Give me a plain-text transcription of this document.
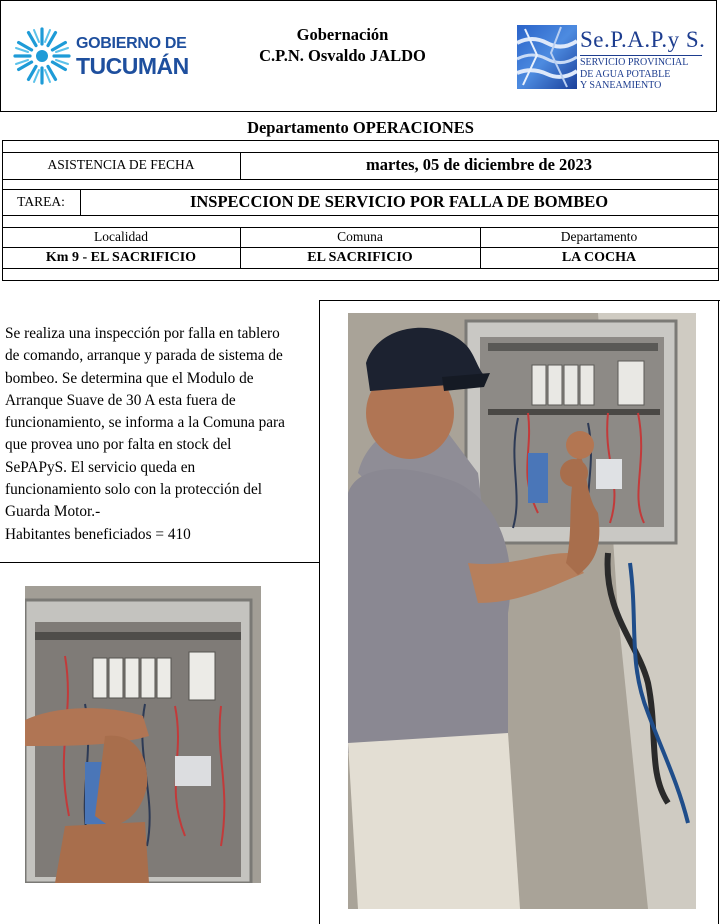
GOBIERNO DE
TUCUMÁN
Gobernación
C.P.N. Osvaldo JALDO
Se.P.A.P.y S.
SERVICIO PROVINCIAL
DE AGUA POTABLE
Y SANEAMIENTO
Departamento OPERACIONES
ASISTENCIA DE FECHA	martes, 05 de diciembre de 2023
TAREA:	INSPECCION DE SERVICIO POR FALLA DE BOMBEO
Localidad	Comuna	Departamento
Km 9 - EL SACRIFICIO	EL SACRIFICIO	LA COCHA
Se realiza una inspección por falla en tablero
de comando, arranque y parada de sistema de
bombeo. Se determina que el Modulo de
Arranque Suave de 30 A esta fuera de
funcionamiento, se informa a la Comuna para
que provea uno por falta en stock del
SePAPyS. El servicio queda en
funcionamiento solo con la protección del
Guarda Motor.-
Habitantes beneficiados = 410
